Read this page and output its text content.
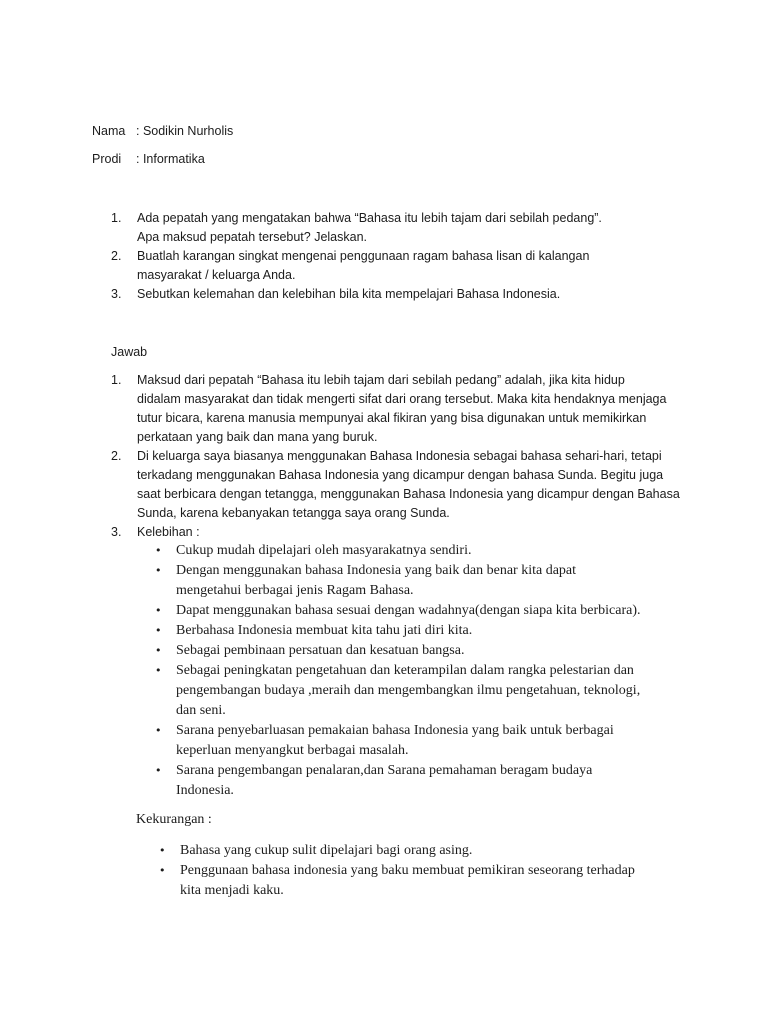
Nama : Sodikin Nurholis
Prodi	: Informatika
1. Ada pepatah yang mengatakan bahwa “Bahasa itu lebih tajam dari sebilah pedang”.
Apa maksud pepatah tersebut? Jelaskan.
2. Buatlah karangan singkat mengenai penggunaan ragam bahasa lisan di kalangan
masyarakat / keluarga Anda.
3. Sebutkan kelemahan dan kelebihan bila kita mempelajari Bahasa Indonesia.
Jawab
1. Maksud dari pepatah “Bahasa itu lebih tajam dari sebilah pedang” adalah, jika kita hidup
didalam masyarakat dan tidak mengerti sifat dari orang tersebut. Maka kita hendaknya menjaga
tutur bicara, karena manusia mempunyai akal fikiran yang bisa digunakan untuk memikirkan
perkataan yang baik dan mana yang buruk.
2. Di keluarga saya biasanya menggunakan Bahasa Indonesia sebagai bahasa sehari-hari, tetapi
terkadang menggunakan Bahasa Indonesia yang dicampur dengan bahasa Sunda. Begitu juga
saat berbicara dengan tetangga, menggunakan Bahasa Indonesia yang dicampur dengan Bahasa
Sunda, karena kebanyakan tetangga saya orang Sunda.
3. Kelebihan :
• Cukup mudah dipelajari oleh masyarakatnya sendiri.
• Dengan menggunakan bahasa Indonesia yang baik dan benar kita dapat
mengetahui berbagai jenis Ragam Bahasa.
• Dapat menggunakan bahasa sesuai dengan wadahnya(dengan siapa kita berbicara).
• Berbahasa Indonesia membuat kita tahu jati diri kita.
• Sebagai pembinaan persatuan dan kesatuan bangsa.
• Sebagai peningkatan pengetahuan dan keterampilan dalam rangka pelestarian dan
pengembangan budaya ,meraih dan mengembangkan ilmu pengetahuan, teknologi,
dan seni.
• Sarana penyebarluasan pemakaian bahasa Indonesia yang baik untuk berbagai
keperluan menyangkut berbagai masalah.
• Sarana pengembangan penalaran,dan Sarana pemahaman beragam budaya
Indonesia.
Kekurangan :
• Bahasa yang cukup sulit dipelajari bagi orang asing.
• Penggunaan bahasa indonesia yang baku membuat pemikiran seseorang terhadap
kita menjadi kaku.
